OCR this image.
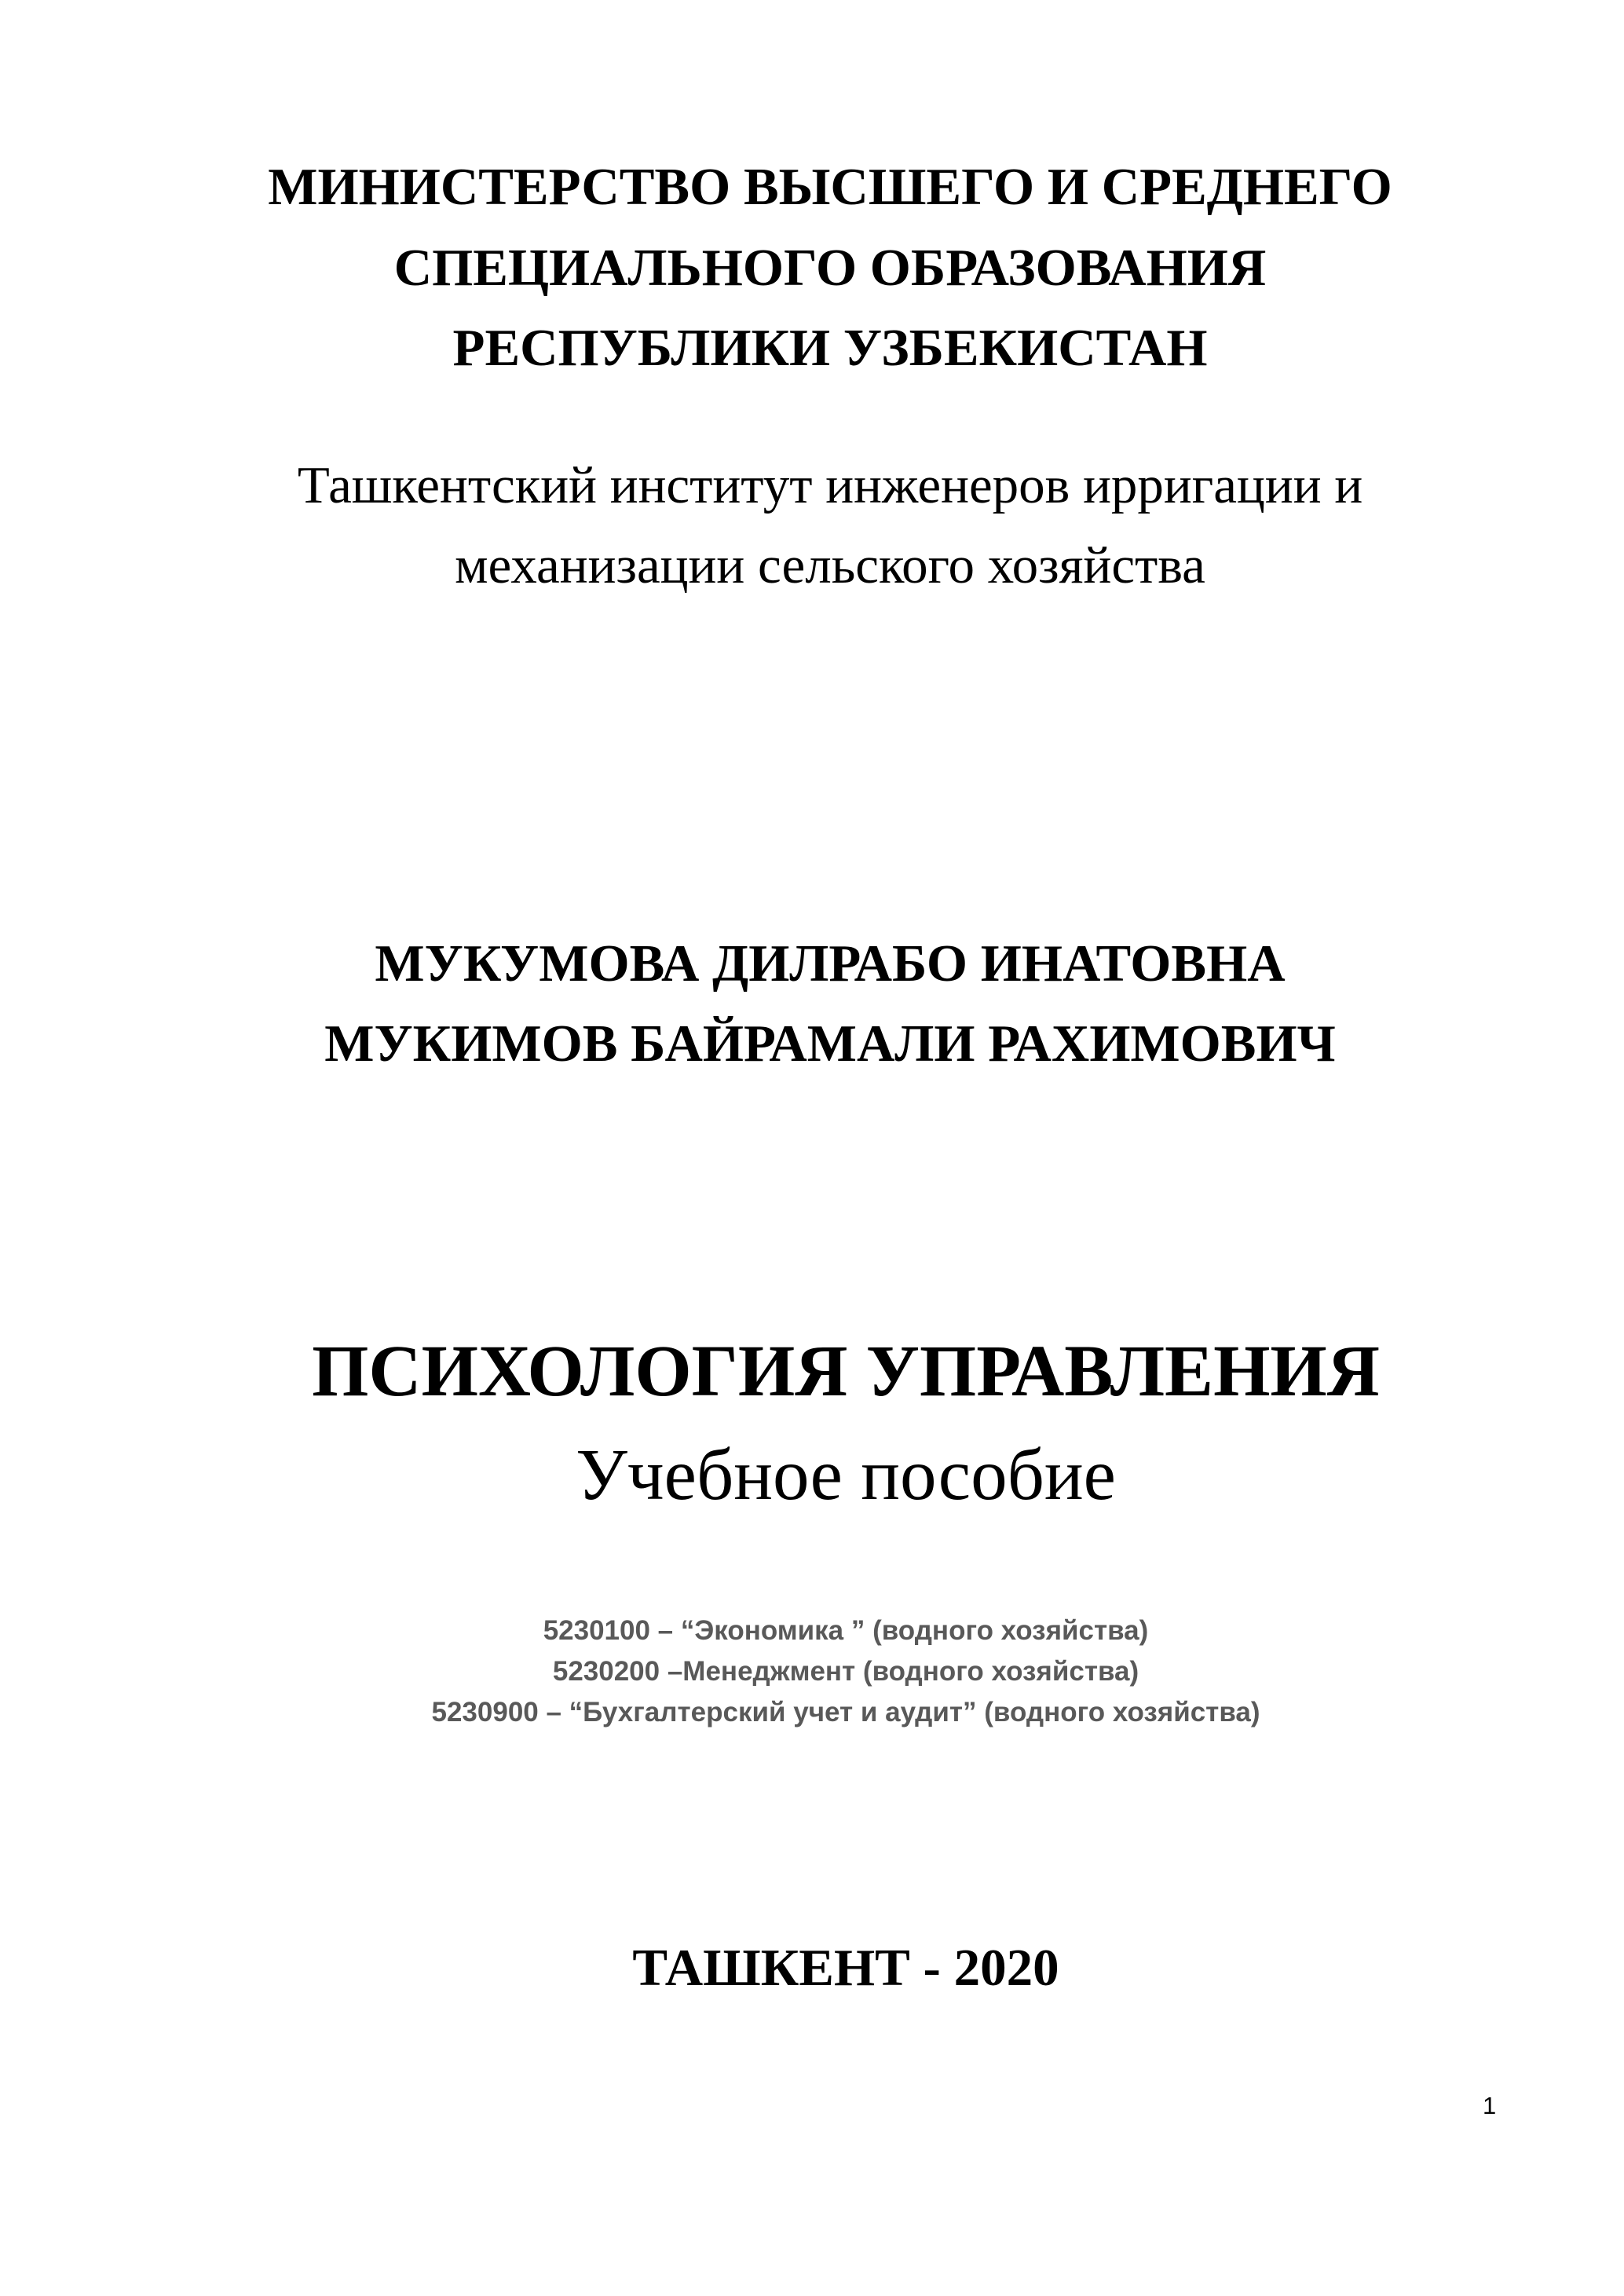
МИНИСТЕРСТВО ВЫСШЕГО И СРЕДНЕГО

СПЕЦИАЛЬНОГО ОБРАЗОВАНИЯ

РЕСПУБЛИКИ УЗБЕКИСТАН

Ташкентский институт инженеров ирригации и

механизации сельского хозяйства

МУКУМОВА ДИЛРАБО ИНАТОВНА

МУКИМОВ БАЙРАМАЛИ РАХИМОВИЧ

ПСИХОЛОГИЯ УПРАВЛЕНИЯ

Учебное пособие

5230100 – “Экономика ” (водного хозяйства)

5230200 –Менеджмент (водного хозяйства)

5230900 – “Бухгалтерский учет и аудит” (водного хозяйства)

ТАШКЕНТ - 2020

1
